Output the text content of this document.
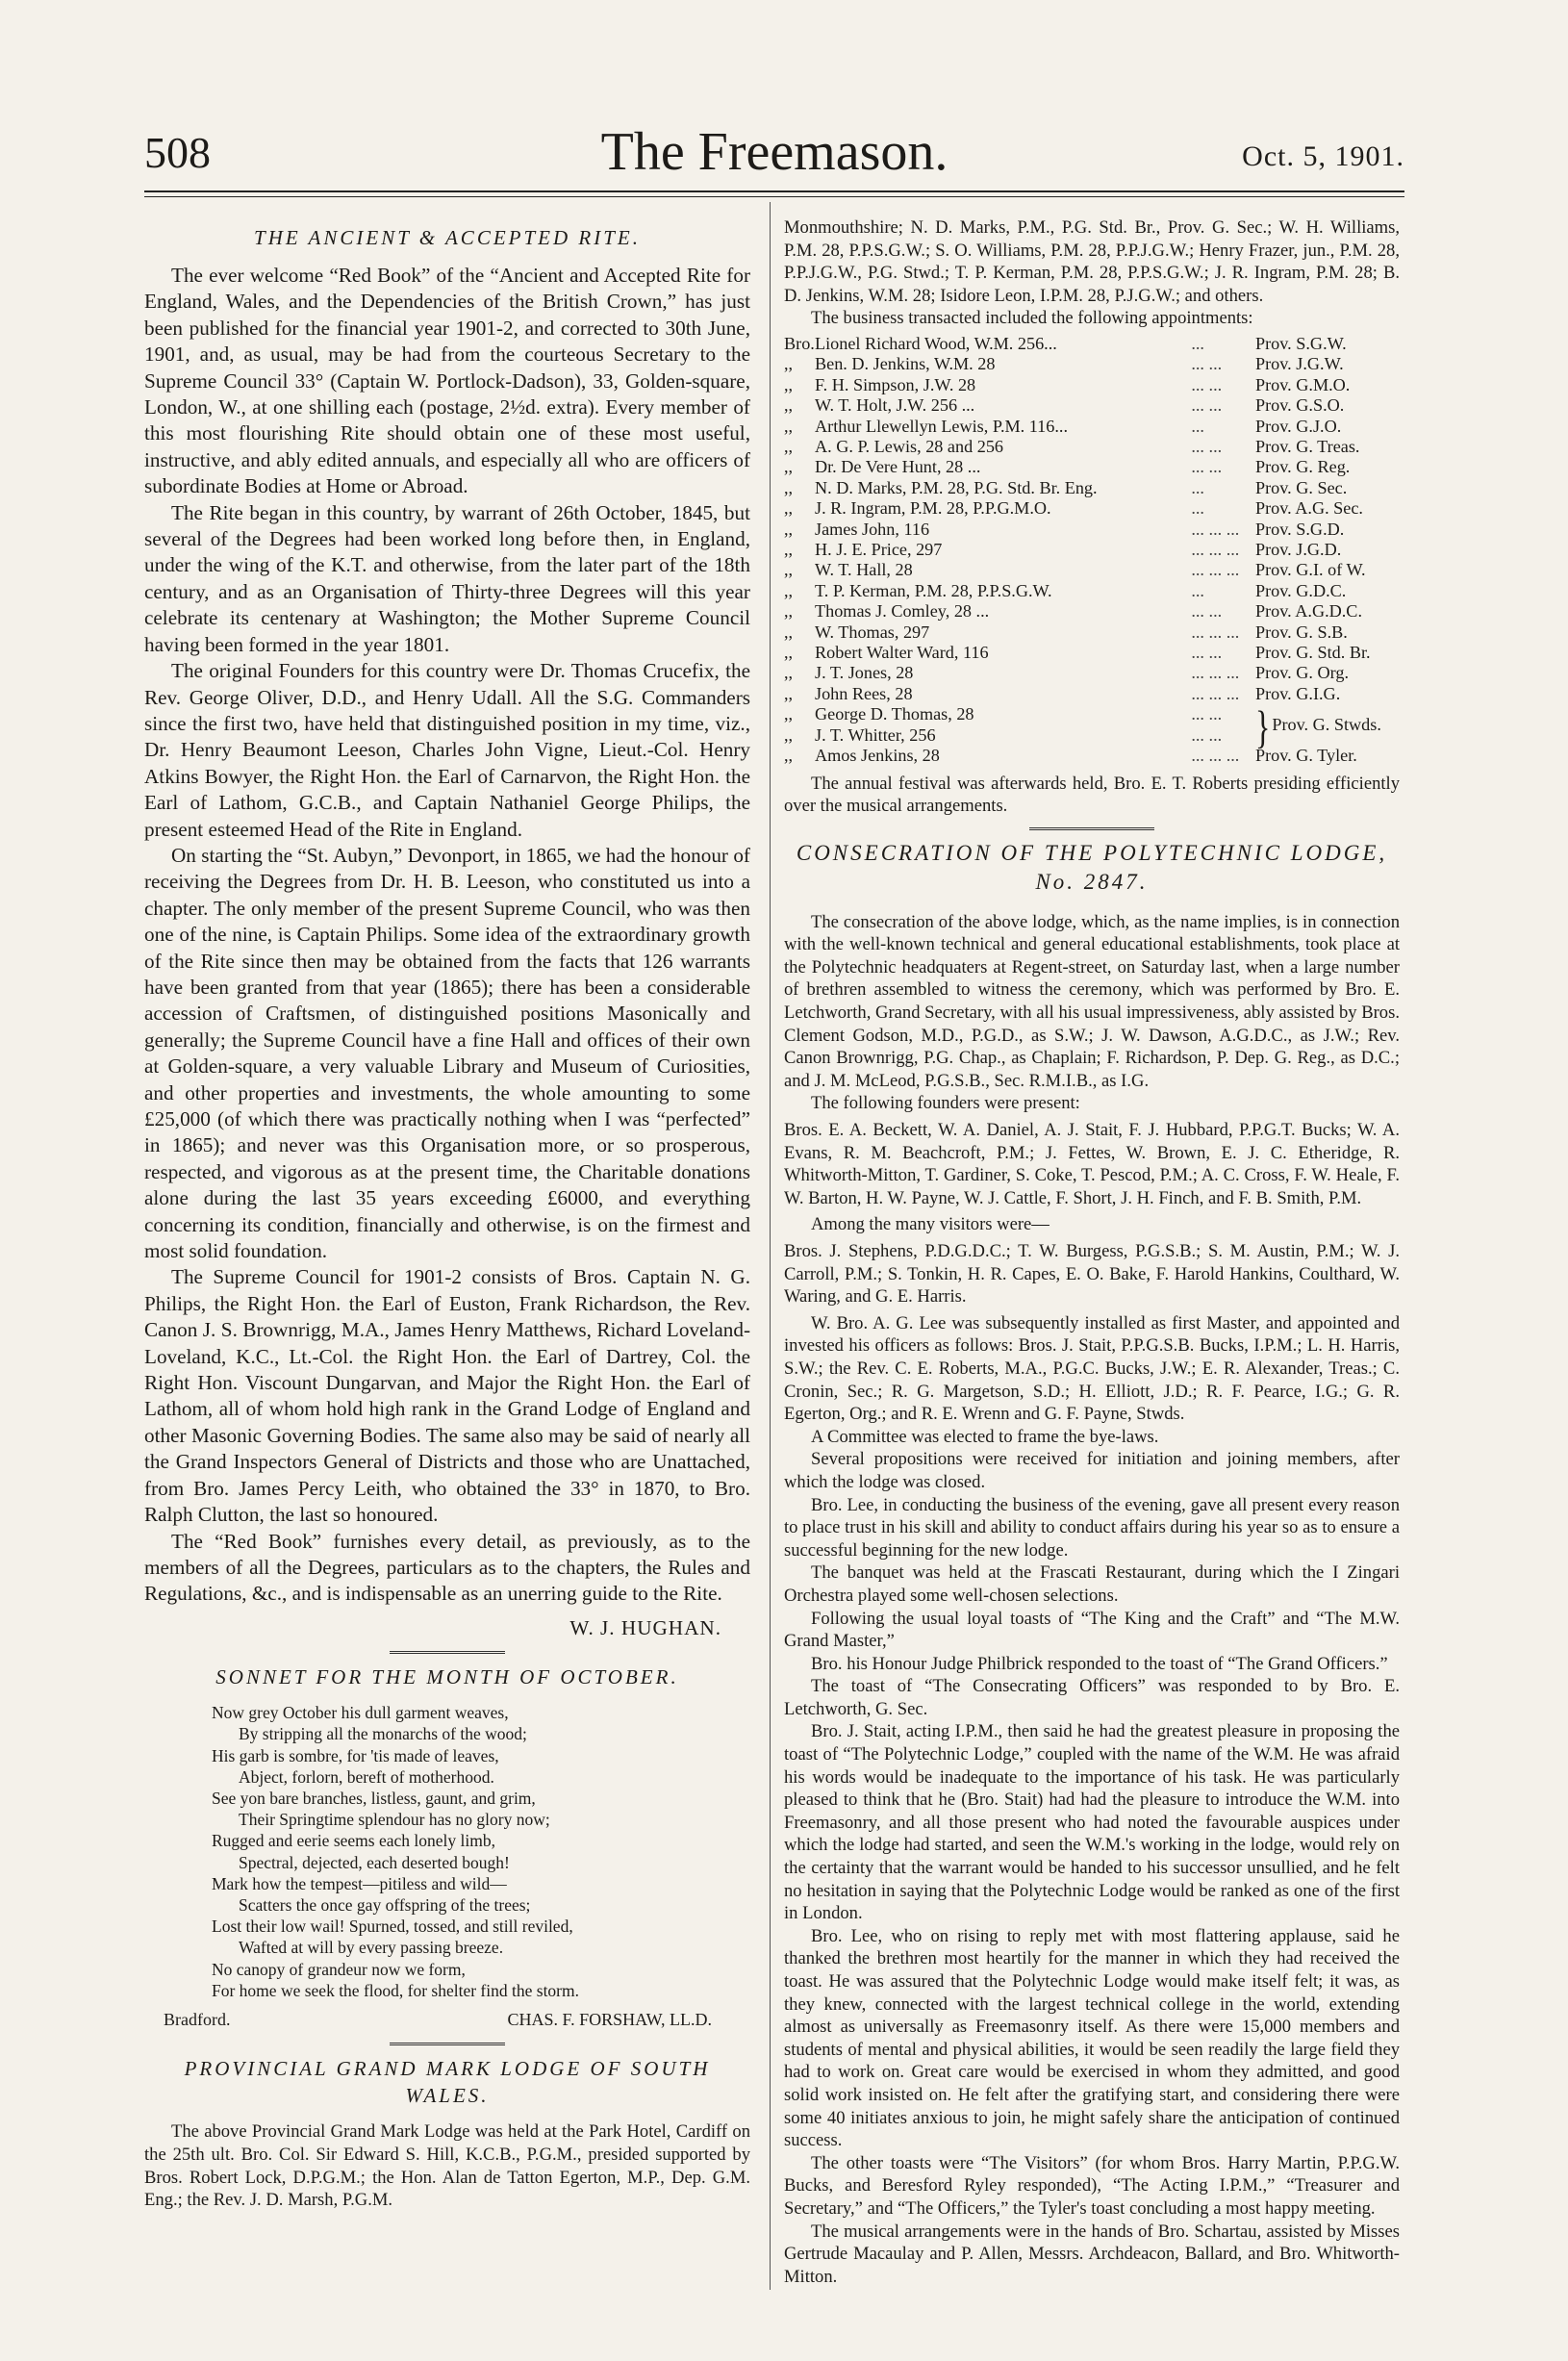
508	The Freemason.	Oct. 5, 1901.
THE ANCIENT & ACCEPTED RITE.

The ever welcome “Red Book” of the “Ancient and Accepted Rite for England, Wales, and the Dependencies of the British Crown,” has just been published for the financial year 1901-2, and corrected to 30th June, 1901, and, as usual, may be had from the courteous Secretary to the Supreme Council 33° (Captain W. Portlock-Dadson), 33, Golden-square, London, W., at one shilling each (postage, 2½d. extra). Every member of this most flourishing Rite should obtain one of these most useful, instructive, and ably edited annuals, and especially all who are officers of subordinate Bodies at Home or Abroad.

The Rite began in this country, by warrant of 26th October, 1845, but several of the Degrees had been worked long before then, in England, under the wing of the K.T. and otherwise, from the later part of the 18th century, and as an Organisation of Thirty-three Degrees will this year celebrate its centenary at Washington; the Mother Supreme Council having been formed in the year 1801.

The original Founders for this country were Dr. Thomas Crucefix, the Rev. George Oliver, D.D., and Henry Udall. All the S.G. Commanders since the first two, have held that distinguished position in my time, viz., Dr. Henry Beaumont Leeson, Charles John Vigne, Lieut.-Col. Henry Atkins Bowyer, the Right Hon. the Earl of Carnarvon, the Right Hon. the Earl of Lathom, G.C.B., and Captain Nathaniel George Philips, the present esteemed Head of the Rite in England.

On starting the “St. Aubyn,” Devonport, in 1865, we had the honour of receiving the Degrees from Dr. H. B. Leeson, who constituted us into a chapter. The only member of the present Supreme Council, who was then one of the nine, is Captain Philips. Some idea of the extraordinary growth of the Rite since then may be obtained from the facts that 126 warrants have been granted from that year (1865); there has been a considerable accession of Craftsmen, of distinguished positions Masonically and generally; the Supreme Council have a fine Hall and offices of their own at Golden-square, a very valuable Library and Museum of Curiosities, and other properties and investments, the whole amounting to some £25,000 (of which there was practically nothing when I was “perfected” in 1865); and never was this Organisation more, or so prosperous, respected, and vigorous as at the present time, the Charitable donations alone during the last 35 years exceeding £6000, and everything concerning its condition, financially and otherwise, is on the firmest and most solid foundation.

The Supreme Council for 1901-2 consists of Bros. Captain N. G. Philips, the Right Hon. the Earl of Euston, Frank Richardson, the Rev. Canon J. S. Brownrigg, M.A., James Henry Matthews, Richard Loveland-Loveland, K.C., Lt.-Col. the Right Hon. the Earl of Dartrey, Col. the Right Hon. Viscount Dungarvan, and Major the Right Hon. the Earl of Lathom, all of whom hold high rank in the Grand Lodge of England and other Masonic Governing Bodies. The same also may be said of nearly all the Grand Inspectors General of Districts and those who are Unattached, from Bro. James Percy Leith, who obtained the 33° in 1870, to Bro. Ralph Clutton, the last so honoured.

The “Red Book” furnishes every detail, as previously, as to the members of all the Degrees, particulars as to the chapters, the Rules and Regulations, &c., and is indispensable as an unerring guide to the Rite.

W. J. HUGHAN.
SONNET FOR THE MONTH OF OCTOBER.
Now grey October his dull garment weaves,
By stripping all the monarchs of the wood;
His garb is sombre, for 'tis made of leaves,
Abject, forlorn, bereft of motherhood.
See yon bare branches, listless, gaunt, and grim,
Their Springtime splendour has no glory now;
Rugged and eerie seems each lonely limb,
Spectral, dejected, each deserted bough!
Mark how the tempest—pitiless and wild—
Scatters the once gay offspring of the trees;
Lost their low wail! Spurned, tossed, and still reviled,
Wafted at will by every passing breeze.
No canopy of grandeur now we form,
For home we seek the flood, for shelter find the storm.
Bradford.	CHAS. F. FORSHAW, LL.D.
PROVINCIAL GRAND MARK LODGE OF SOUTH WALES.

The above Provincial Grand Mark Lodge was held at the Park Hotel, Cardiff on the 25th ult. Bro. Col. Sir Edward S. Hill, K.C.B., P.G.M., presided supported by Bros. Robert Lock, D.P.G.M.; the Hon. Alan de Tatton Egerton, M.P., Dep. G.M. Eng.; the Rev. J. D. Marsh, P.G.M.

Monmouthshire; N. D. Marks, P.M., P.G. Std. Br., Prov. G. Sec.; W. H. Williams, P.M. 28, P.P.S.G.W.; S. O. Williams, P.M. 28, P.P.J.G.W.; Henry Frazer, jun., P.M. 28, P.P.J.G.W., P.G. Stwd.; T. P. Kerman, P.M. 28, P.P.S.G.W.; J. R. Ingram, P.M. 28; B. D. Jenkins, W.M. 28; Isidore Leon, I.P.M. 28, P.J.G.W.; and others.

The business transacted included the following appointments:

Bro.	Lionel Richard Wood, W.M. 256...	...	Prov. S.G.W.
,,	Ben. D. Jenkins, W.M. 28	... ...	Prov. J.G.W.
,,	F. H. Simpson, J.W. 28	... ...	Prov. G.M.O.
,,	W. T. Holt, J.W. 256 ...	... ...	Prov. G.S.O.
,,	Arthur Llewellyn Lewis, P.M. 116...	...	Prov. G.J.O.
,,	A. G. P. Lewis, 28 and 256	... ...	Prov. G. Treas.
,,	Dr. De Vere Hunt, 28 ...	... ...	Prov. G. Reg.
,,	N. D. Marks, P.M. 28, P.G. Std. Br. Eng.	...	Prov. G. Sec.
,,	J. R. Ingram, P.M. 28, P.P.G.M.O.	...	Prov. A.G. Sec.
,,	James John, 116	... ... ...	Prov. S.G.D.
,,	H. J. E. Price, 297	... ... ...	Prov. J.G.D.
,,	W. T. Hall, 28	... ... ...	Prov. G.I. of W.
,,	T. P. Kerman, P.M. 28, P.P.S.G.W.	...	Prov. G.D.C.
,,	Thomas J. Comley, 28 ...	... ...	Prov. A.G.D.C.
,,	W. Thomas, 297	... ... ...	Prov. G. S.B.
,,	Robert Walter Ward, 116	... ...	Prov. G. Std. Br.
,,	J. T. Jones, 28	... ... ...	Prov. G. Org.
,,	John Rees, 28	... ... ...	Prov. G.I.G.
,,	George D. Thomas, 28	... ...	} Prov. G. Stwds.
,,	J. T. Whitter, 256	... ...	
,,	Amos Jenkins, 28	... ... ...	Prov. G. Tyler.

The annual festival was afterwards held, Bro. E. T. Roberts presiding efficiently over the musical arrangements.

CONSECRATION OF THE POLYTECHNIC LODGE,
No. 2847.

The consecration of the above lodge, which, as the name implies, is in connection with the well-known technical and general educational establishments, took place at the Polytechnic headquaters at Regent-street, on Saturday last, when a large number of brethren assembled to witness the ceremony, which was performed by Bro. E. Letchworth, Grand Secretary, with all his usual impressiveness, ably assisted by Bros. Clement Godson, M.D., P.G.D., as S.W.; J. W. Dawson, A.G.D.C., as J.W.; Rev. Canon Brownrigg, P.G. Chap., as Chaplain; F. Richardson, P. Dep. G. Reg., as D.C.; and J. M. McLeod, P.G.S.B., Sec. R.M.I.B., as I.G.

The following founders were present:

Bros. E. A. Beckett, W. A. Daniel, A. J. Stait, F. J. Hubbard, P.P.G.T. Bucks; W. A. Evans, R. M. Beachcroft, P.M.; J. Fettes, W. Brown, E. J. C. Etheridge, R. Whitworth-Mitton, T. Gardiner, S. Coke, T. Pescod, P.M.; A. C. Cross, F. W. Heale, F. W. Barton, H. W. Payne, W. J. Cattle, F. Short, J. H. Finch, and F. B. Smith, P.M.

Among the many visitors were—

Bros. J. Stephens, P.D.G.D.C.; T. W. Burgess, P.G.S.B.; S. M. Austin, P.M.; W. J. Carroll, P.M.; S. Tonkin, H. R. Capes, E. O. Bake, F. Harold Hankins, Coulthard, W. Waring, and G. E. Harris.

W. Bro. A. G. Lee was subsequently installed as first Master, and appointed and invested his officers as follows: Bros. J. Stait, P.P.G.S.B. Bucks, I.P.M.; L. H. Harris, S.W.; the Rev. C. E. Roberts, M.A., P.G.C. Bucks, J.W.; E. R. Alexander, Treas.; C. Cronin, Sec.; R. G. Margetson, S.D.; H. Elliott, J.D.; R. F. Pearce, I.G.; G. R. Egerton, Org.; and R. E. Wrenn and G. F. Payne, Stwds.

A Committee was elected to frame the bye-laws.

Several propositions were received for initiation and joining members, after which the lodge was closed.

Bro. Lee, in conducting the business of the evening, gave all present every reason to place trust in his skill and ability to conduct affairs during his year so as to ensure a successful beginning for the new lodge.

The banquet was held at the Frascati Restaurant, during which the I Zingari Orchestra played some well-chosen selections.

Following the usual loyal toasts of “The King and the Craft” and “The M.W. Grand Master,”

Bro. his Honour Judge Philbrick responded to the toast of “The Grand Officers.”

The toast of “The Consecrating Officers” was responded to by Bro. E. Letchworth, G. Sec.

Bro. J. Stait, acting I.P.M., then said he had the greatest pleasure in proposing the toast of “The Polytechnic Lodge,” coupled with the name of the W.M. He was afraid his words would be inadequate to the importance of his task. He was particularly pleased to think that he (Bro. Stait) had had the pleasure to introduce the W.M. into Freemasonry, and all those present who had noted the favourable auspices under which the lodge had started, and seen the W.M.'s working in the lodge, would rely on the certainty that the warrant would be handed to his successor unsullied, and he felt no hesitation in saying that the Polytechnic Lodge would be ranked as one of the first in London.

Bro. Lee, who on rising to reply met with most flattering applause, said he thanked the brethren most heartily for the manner in which they had received the toast. He was assured that the Polytechnic Lodge would make itself felt; it was, as they knew, connected with the largest technical college in the world, extending almost as universally as Freemasonry itself. As there were 15,000 members and students of mental and physical abilities, it would be seen readily the large field they had to work on. Great care would be exercised in whom they admitted, and good solid work insisted on. He felt after the gratifying start, and considering there were some 40 initiates anxious to join, he might safely share the anticipation of continued success.

The other toasts were “The Visitors” (for whom Bros. Harry Martin, P.P.G.W. Bucks, and Beresford Ryley responded), “The Acting I.P.M.,” “Treasurer and Secretary,” and “The Officers,” the Tyler's toast concluding a most happy meeting.

The musical arrangements were in the hands of Bro. Schartau, assisted by Misses Gertrude Macaulay and P. Allen, Messrs. Archdeacon, Ballard, and Bro. Whitworth-Mitton.
